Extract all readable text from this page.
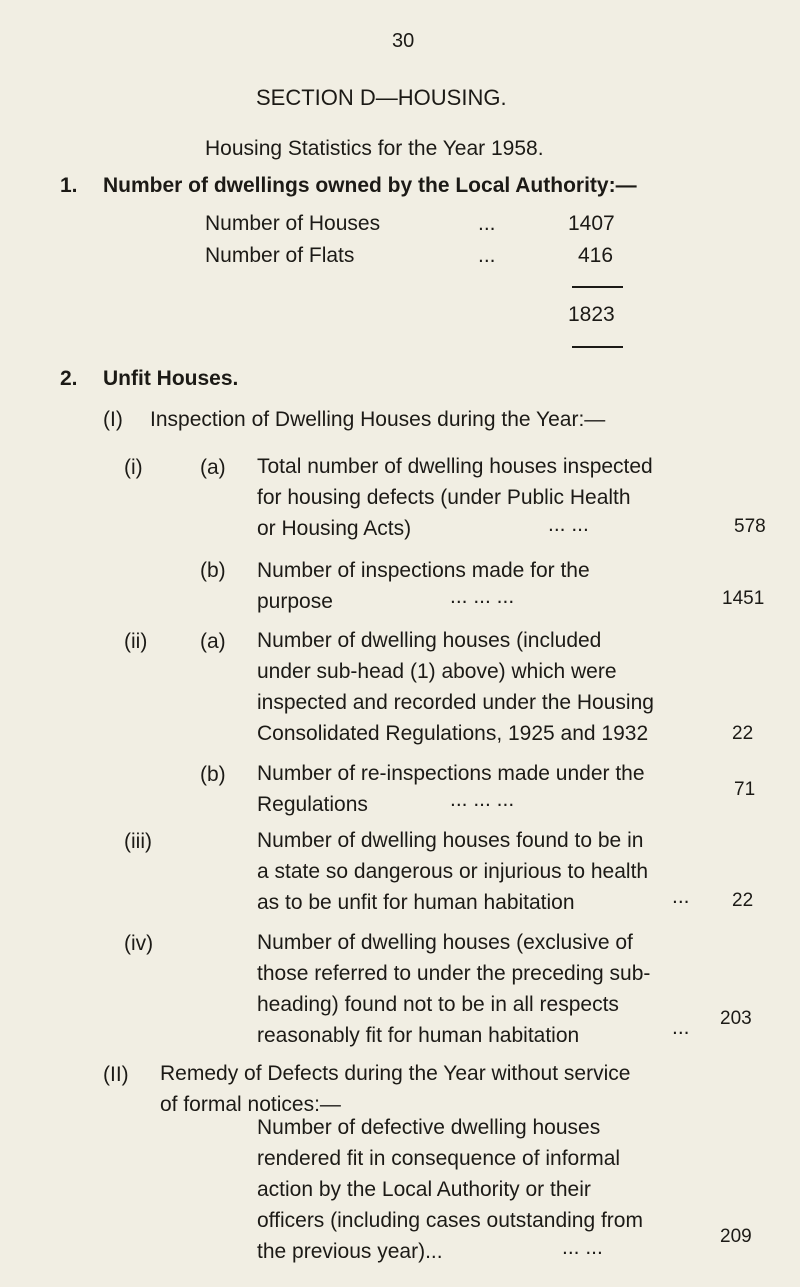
30
SECTION D—HOUSING.
Housing Statistics for the Year 1958.
1. Number of dwellings owned by the Local Authority:—
Number of Houses	...	1407
Number of Flats	...	416
1823
2. Unfit Houses.
(I) Inspection of Dwelling Houses during the Year:—
(i)	(a) Total number of dwelling houses inspected
for housing defects (under Public Health
or Housing Acts)	... ...	578
(b) Number of inspections made for the
purpose	... ... ...	1451
(ii)	(a) Number of dwelling houses (included
under sub-head (1) above) which were
inspected and recorded under the Housing
Consolidated Regulations, 1925 and 1932	22
(b) Number of re-inspections made under the
Regulations	... ... ...	71
(iii)	Number of dwelling houses found to be in
a state so dangerous or injurious to health
as to be unfit for human habitation	... 22
(iv)	Number of dwelling houses (exclusive of
those referred to under the preceding sub-
heading) found not to be in all respects
reasonably fit for human habitation	... 203
(II) Remedy of Defects during the Year without service
of formal notices:—
Number of defective dwelling houses
rendered fit in consequence of informal
action by the Local Authority or their
officers (including cases outstanding from
the previous year)...	... ...	209
